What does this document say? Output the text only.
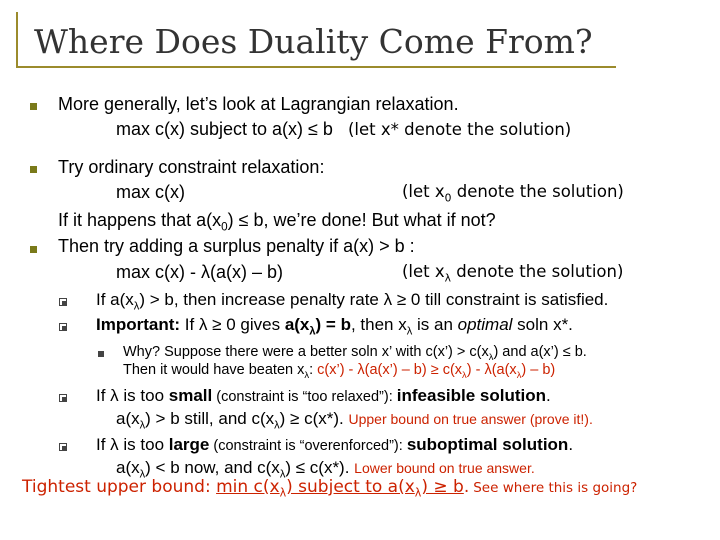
Where Does Duality Come From?
More generally, let’s look at Lagrangian relaxation.
max c(x) subject to a(x) ≤ b (let x* denote the solution)
Try ordinary constraint relaxation:
max c(x)	(let $x_0$ denote the solution)
If it happens that $a(x_0) \le b$, we’re done! But what if not?
Then try adding a surplus penalty if a(x) > b :
max c(x) - λ(a(x) – b)	(let $x_\lambda$ denote the solution)
If $a(x_\lambda) > b$, then increase penalty rate λ ≥ 0 till constraint is satisfied.
Important: If λ ≥ 0 gives $a(x_\lambda) = b$, then $x_\lambda$ is an optimal soln x*.
Why? Suppose there were a better soln x’ with c(x’) > $c(x_\lambda)$ and a(x’) ≤ b.
Then it would have beaten $x_\lambda$: c(x’) - λ(a(x’) – $b) \ge c(x_\lambda) - \lambda(a(x_\lambda) - b)$
If λ is too small (constraint is “too relaxed”): infeasible solution.
$a(x_\lambda) > b$ still, and $c(x_\lambda) \ge c(x*)$. Upper bound on true answer (prove it!).
If λ is too large (constraint is “overenforced”): suboptimal solution.
$a(x_\lambda) < b$ now, and $c(x_\lambda) \le c(x*)$. Lower bound on true answer.
Tightest upper bound: $\min c(x_\lambda)$ subject to $a(x_\lambda) \ge b$. See where this is going?
